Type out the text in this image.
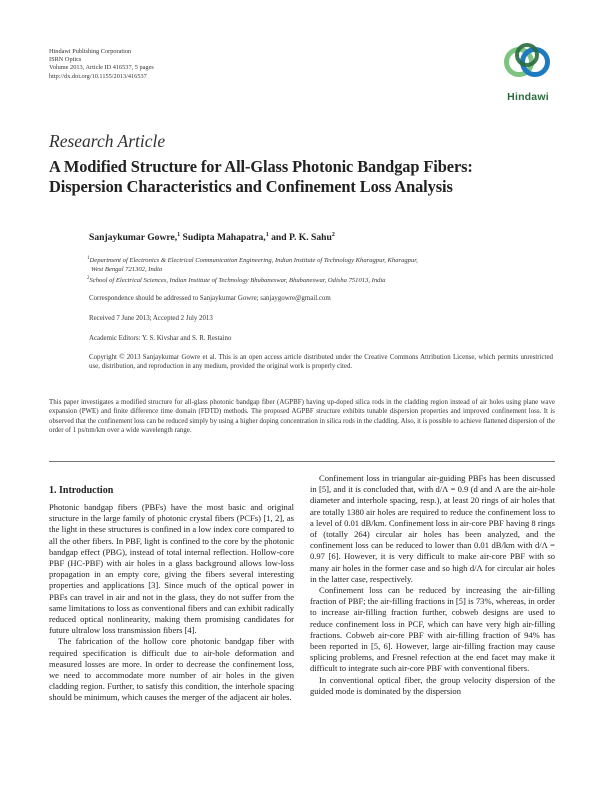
Hindawi Publishing Corporation
ISRN Optics
Volume 2013, Article ID 416537, 5 pages
http://dx.doi.org/10.1155/2013/416537
Hindawi
Research Article
A Modified Structure for All-Glass Photonic Bandgap Fibers:
Dispersion Characteristics and Confinement Loss Analysis
Sanjaykumar Gowre,$^1$ Sudipta Mahapatra,$^1$ and P. K. Sahu$^2$
$^1$Department of Electronics & Electrical Communication Engineering, Indian Institute of Technology Kharagpur, Kharagpur,
West Bengal 721302, India
$^2$School of Electrical Sciences, Indian Institute of Technology Bhubaneswar, Bhubaneswar, Odisha 751013, India
Correspondence should be addressed to Sanjaykumar Gowre; sanjaygowre@gmail.com
Received 7 June 2013; Accepted 2 July 2013
Academic Editors: Y. S. Kivshar and S. R. Restaino
Copyright © 2013 Sanjaykumar Gowre et al. This is an open access article distributed under the Creative Commons Attribution License, which permits unrestricted use, distribution, and reproduction in any medium, provided the original work is properly cited.
This paper investigates a modified structure for all-glass photonic bandgap fiber (AGPBF) having up-doped silica rods in the cladding region instead of air holes using plane wave expansion (PWE) and finite difference time domain (FDTD) methods. The proposed AGPBF structure exhibits tunable dispersion properties and improved confinement loss. It is observed that the confinement loss can be reduced simply by using a higher doping concentration in silica rods in the cladding. Also, it is possible to achieve flattened dispersion of the order of 1 ps/nm/km over a wide wavelength range.
1. Introduction

Photonic bandgap fibers (PBFs) have the most basic and original structure in the large family of photonic crystal fibers (PCFs) [1, 2], as the light in these structures is confined in a low index core compared to all the other fibers. In PBF, light is confined to the core by the photonic bandgap effect (PBG), instead of total internal reflection. Hollow-core PBF (HC-PBF) with air holes in a glass background allows low-loss propagation in an empty core, giving the fibers several interesting properties and applications [3]. Since much of the optical power in PBFs can travel in air and not in the glass, they do not suffer from the same limitations to loss as conventional fibers and can exhibit radically reduced optical nonlinearity, making them promising candidates for future ultralow loss transmission fibers [4].

The fabrication of the hollow core photonic bandgap fiber with required specification is difficult due to air-hole deformation and measured losses are more. In order to decrease the confinement loss, we need to accommodate more number of air holes in the given cladding region. Further, to satisfy this condition, the interhole spacing should be minimum, which causes the merger of the adjacent air holes.

Confinement loss in triangular air-guiding PBFs has been discussed in [5], and it is concluded that, with d/Λ = 0.9 (d and Λ are the air-hole diameter and interhole spacing, resp.), at least 20 rings of air holes that are totally 1380 air holes are required to reduce the confinement loss to a level of 0.01 dB/km. Confinement loss in air-core PBF having 8 rings of (totally 264) circular air holes has been analyzed, and the confinement loss can be reduced to lower than 0.01 dB/km with d/Λ = 0.97 [6]. However, it is very difficult to make air-core PBF with so many air holes in the former case and so high d/Λ for circular air holes in the latter case, respectively.

Confinement loss can be reduced by increasing the air-filling fraction of PBF; the air-filling fractions in [5] is 73%, whereas, in order to increase air-filling fraction further, cobweb designs are used to reduce confinement loss in PCF, which can have very high air-filling fractions. Cobweb air-core PBF with air-filling fraction of 94% has been reported in [5, 6]. However, large air-filling fraction may cause splicing problems, and Fresnel refection at the end facet may make it difficult to integrate such air-core PBF with conventional fibers.

In conventional optical fiber, the group velocity dispersion of the guided mode is dominated by the dispersion
